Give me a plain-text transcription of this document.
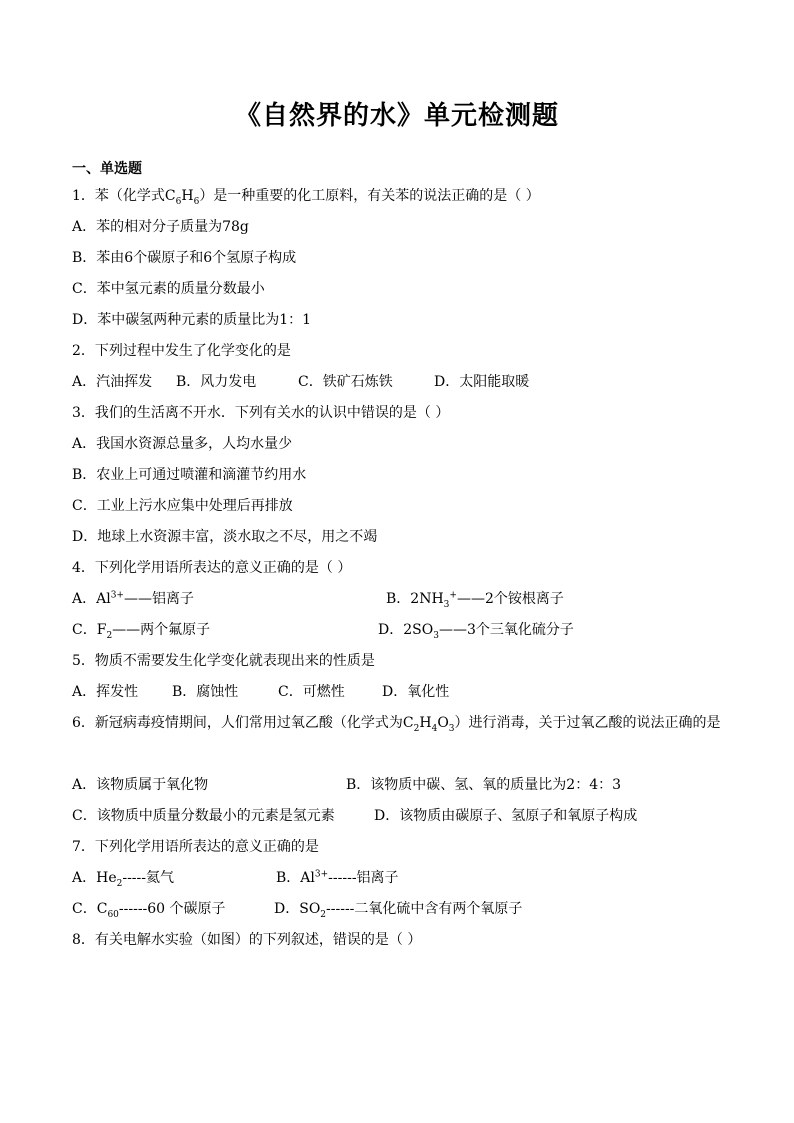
《自然界的水》单元检测题
一、单选题
1．苯（化学式$C_6H_6$）是一种重要的化工原料，有关苯的说法正确的是（ ）
A．苯的相对分子质量为78g
B．苯由6个碳原子和6个氢原子构成
C．苯中氢元素的质量分数最小
D．苯中碳氢两种元素的质量比为1：1
2．下列过程中发生了化学变化的是
A．汽油挥发 B．风力发电	C．铁矿石炼铁	D．太阳能取暖
3．我们的生活离不开水．下列有关水的认识中错误的是（ ）
A．我国水资源总量多，人均水量少
B．农业上可通过喷灌和滴灌节约用水
C．工业上污水应集中处理后再排放
D．地球上水资源丰富，淡水取之不尽，用之不竭
4．下列化学用语所表达的意义正确的是（ ）
A．$Al^{3+}——$铝离子	B．$2NH_3^+——2$个铵根离子
C．$F_2——$两个氟原子	D．$2SO_3——3$个三氧化硫分子
5．物质不需要发生化学变化就表现出来的性质是
A．挥发性 B．腐蚀性	C．可燃性	D．氧化性
6．新冠病毒疫情期间，人们常用过氧乙酸（化学式为$C_2H_4O_3$）进行消毒，关于过氧乙酸的说法正确的是
A．该物质属于氧化物	B．该物质中碳、氢、氧的质量比为2：4：3
C．该物质中质量分数最小的元素是氢元素	D．该物质由碳原子、氢原子和氧原子构成
7．下列化学用语所表达的意义正确的是
A．$He_2-----$氦气	B．$Al^{3+}------$铝离子
C．$C_{60}------60$ 个碳原子	D．$SO_2------$二氧化硫中含有两个氧原子
8．有关电解水实验（如图）的下列叙述，错误的是（ ）
